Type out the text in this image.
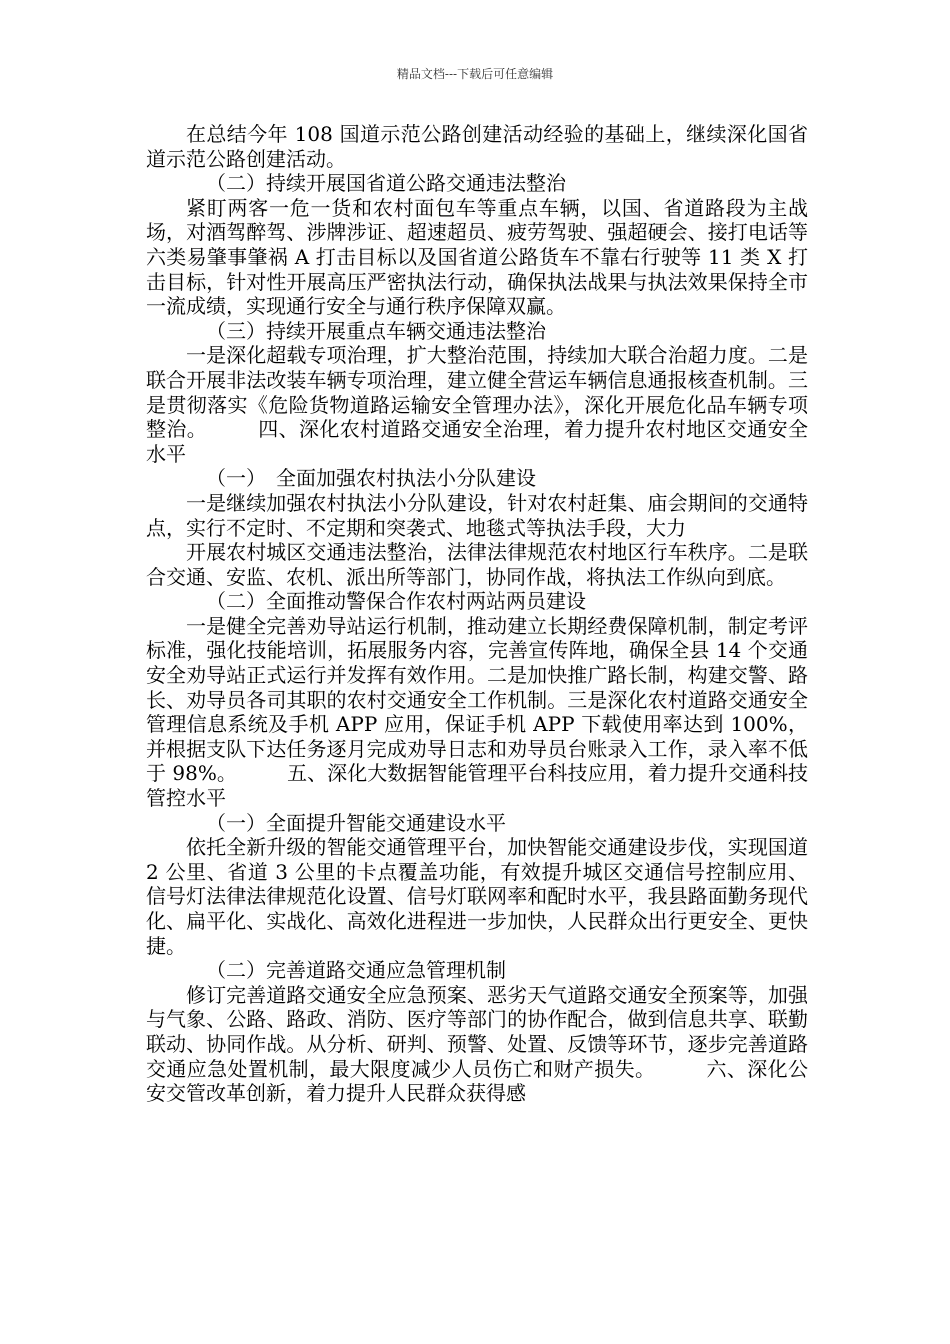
精品文档---下载后可任意编辑

在总结今年 108 国道示范公路创建活动经验的基础上，继续深化国省道示范公路创建活动。

（二）持续开展国省道公路交通违法整治

紧盯两客一危一货和农村面包车等重点车辆，以国、省道路段为主战场，对酒驾醉驾、涉牌涉证、超速超员、疲劳驾驶、强超硬会、接打电话等六类易肇事肇祸 A 打击目标以及国省道公路货车不靠右行驶等 11 类 X 打击目标，针对性开展高压严密执法行动，确保执法战果与执法效果保持全市一流成绩，实现通行安全与通行秩序保障双赢。

（三）持续开展重点车辆交通违法整治

一是深化超载专项治理，扩大整治范围，持续加大联合治超力度。二是联合开展非法改装车辆专项治理，建立健全营运车辆信息通报核查机制。三是贯彻落实《危险货物道路运输安全管理办法》，深化开展危化品车辆专项整治。　　　四、深化农村道路交通安全治理，着力提升农村地区交通安全水平

（一）　全面加强农村执法小分队建设

一是继续加强农村执法小分队建设，针对农村赶集、庙会期间的交通特点，实行不定时、不定期和突袭式、地毯式等执法手段，大力

开展农村城区交通违法整治，法律法律规范农村地区行车秩序。二是联合交通、安监、农机、派出所等部门，协同作战，将执法工作纵向到底。

（二）全面推动警保合作农村两站两员建设

一是健全完善劝导站运行机制，推动建立长期经费保障机制，制定考评标准，强化技能培训，拓展服务内容，完善宣传阵地，确保全县 14 个交通安全劝导站正式运行并发挥有效作用。二是加快推广路长制，构建交警、路长、劝导员各司其职的农村交通安全工作机制。三是深化农村道路交通安全管理信息系统及手机 APP 应用，保证手机 APP 下载使用率达到 100%，并根据支队下达任务逐月完成劝导日志和劝导员台账录入工作，录入率不低于 98%。　　　五、深化大数据智能管理平台科技应用，着力提升交通科技管控水平

（一）全面提升智能交通建设水平

依托全新升级的智能交通管理平台，加快智能交通建设步伐，实现国道 2 公里、省道 3 公里的卡点覆盖功能，有效提升城区交通信号控制应用、信号灯法律法律规范化设置、信号灯联网率和配时水平，我县路面勤务现代化、扁平化、实战化、高效化进程进一步加快，人民群众出行更安全、更快捷。

（二）完善道路交通应急管理机制

修订完善道路交通安全应急预案、恶劣天气道路交通安全预案等，加强与气象、公路、路政、消防、医疗等部门的协作配合，做到信息共享、联勤联动、协同作战。从分析、研判、预警、处置、反馈等环节，逐步完善道路交通应急处置机制，最大限度减少人员伤亡和财产损失。　　　六、深化公安交管改革创新，着力提升人民群众获得感
